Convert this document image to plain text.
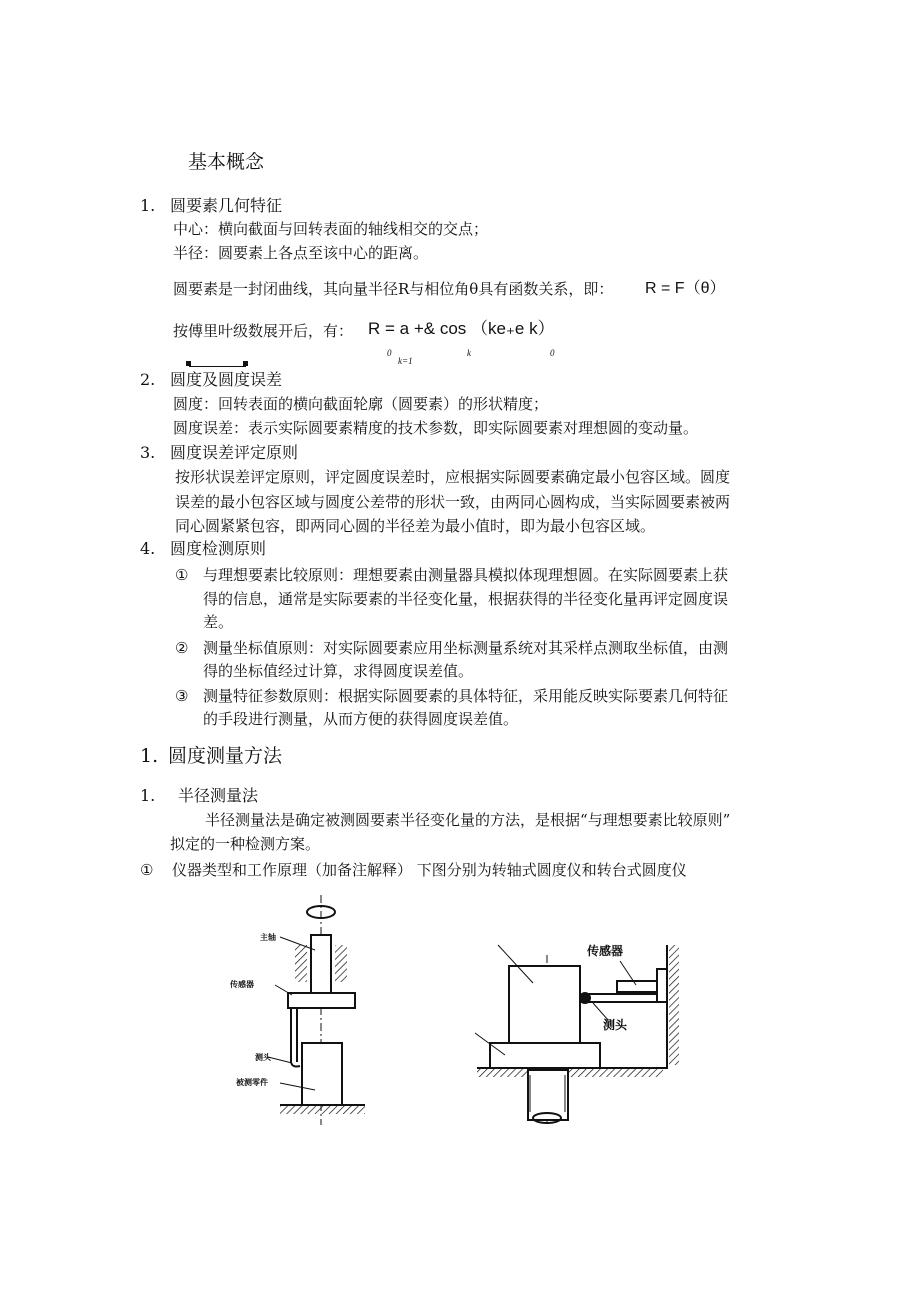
基本概念
1. 圆要素几何特征
中心：横向截面与回转表面的轴线相交的交点；
半径：圆要素上各点至该中心的距离。
圆要素是一封闭曲线，其向量半径R与相位角θ具有函数关系，即： R = F（θ）
按傅里叶级数展开后，有： R = a +& cos （ke₊e k）
0
k=1
k	0
2. 圆度及圆度误差
圆度：回转表面的横向截面轮廓（圆要素）的形状精度；
圆度误差：表示实际圆要素精度的技术参数，即实际圆要素对理想圆的变动量。
3. 圆度误差评定原则
按形状误差评定原则，评定圆度误差时，应根据实际圆要素确定最小包容区域。圆度
误差的最小包容区域与圆度公差带的形状一致，由两同心圆构成，当实际圆要素被两
同心圆紧紧包容，即两同心圆的半径差为最小值时，即为最小包容区域。
4. 圆度检测原则
① 与理想要素比较原则：理想要素由测量器具模拟体现理想圆。在实际圆要素上获
得的信息，通常是实际要素的半径变化量，根据获得的半径变化量再评定圆度误
差。
② 测量坐标值原则：对实际圆要素应用坐标测量系统对其采样点测取坐标值，由测
得的坐标值经过计算，求得圆度误差值。
③ 测量特征参数原则：根据实际圆要素的具体特征，采用能反映实际要素几何特征
的手段进行测量，从而方便的获得圆度误差值。
1. 圆度测量方法
1. 半径测量法
半径测量法是确定被测圆要素半径变化量的方法，是根据“与理想要素比较原则”
拟定的一种检测方案。
① 仪器类型和工作原理（加备注解释） 下图分别为转轴式圆度仪和转台式圆度仪
主轴
传感器
测头
被测零件
传感器
测头
